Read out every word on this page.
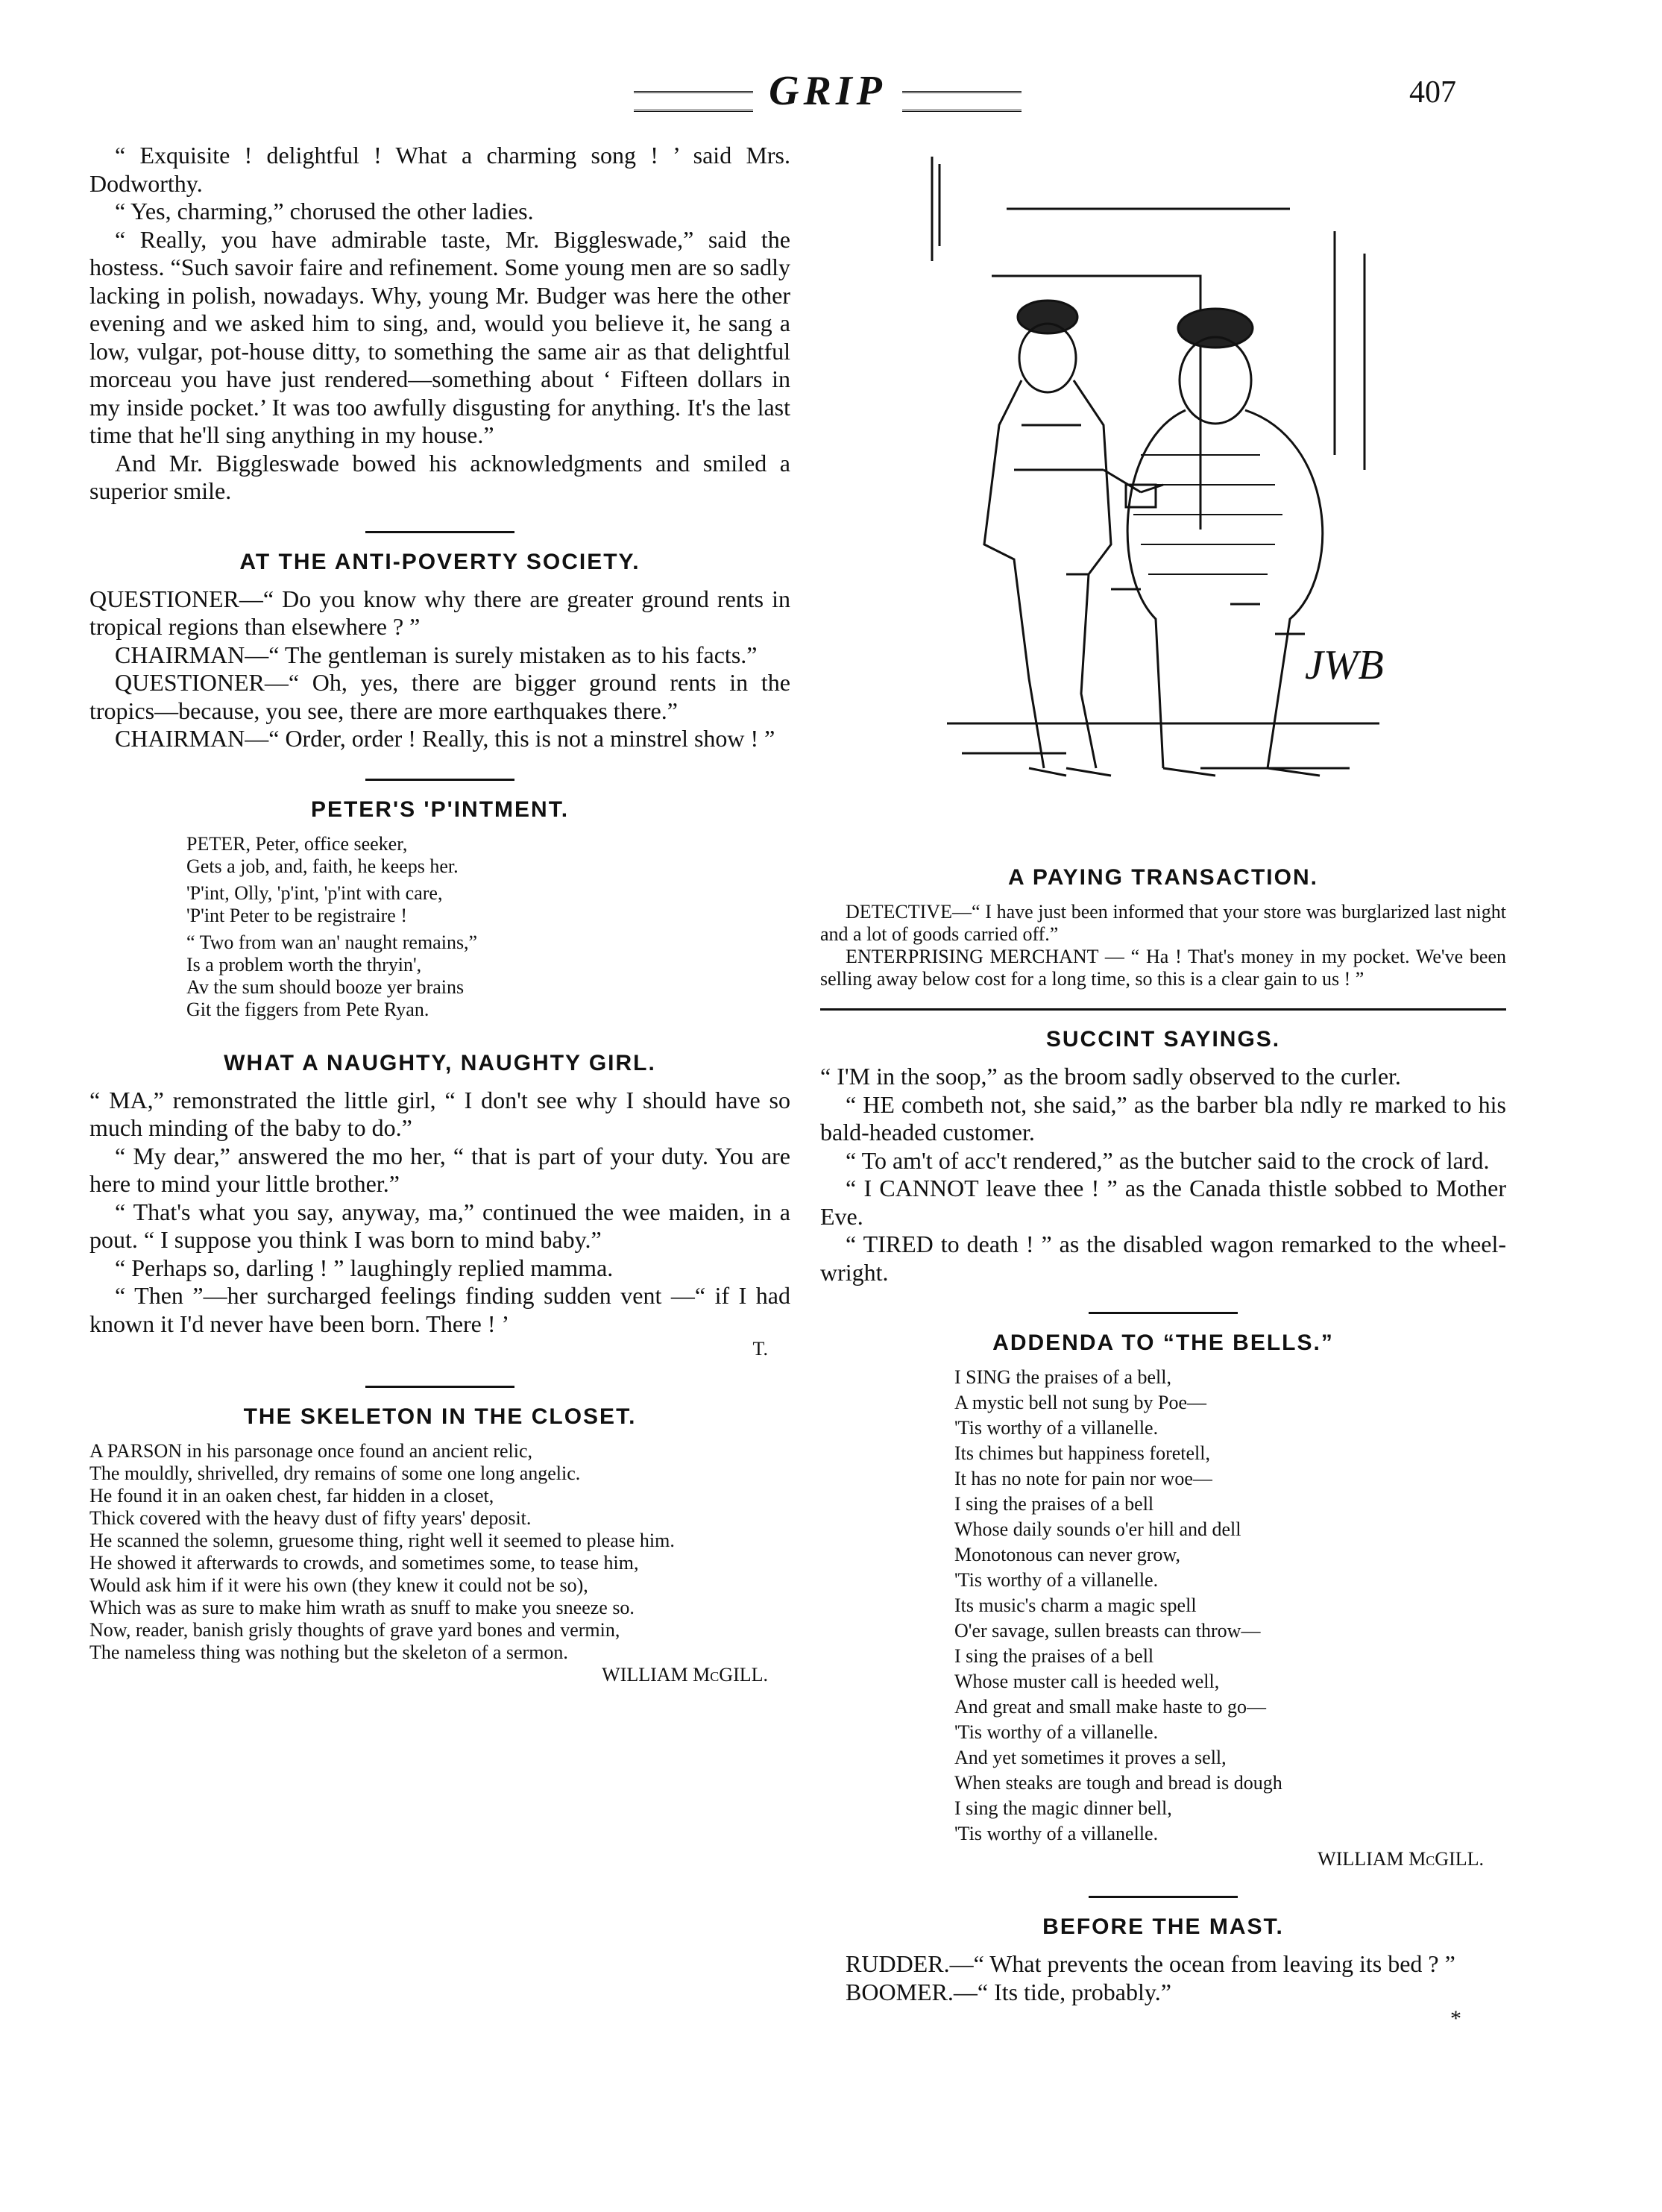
GRIP	407

“ Exquisite ! delightful ! What a charming song ! ’ said Mrs. Dodworthy.

“ Yes, charming,” chorused the other ladies.

“ Really, you have admirable taste, Mr. Biggleswade,” said the hostess. “Such savoir faire and refinement. Some young men are so sadly lacking in polish, nowadays. Why, young Mr. Budger was here the other evening and we asked him to sing, and, would you believe it, he sang a low, vulgar, pot-house ditty, to something the same air as that delightful morceau you have just rendered—something about ‘ Fifteen dollars in my inside pocket.’ It was too awfully disgusting for anything. It's the last time that he'll sing anything in my house.”

And Mr. Biggleswade bowed his acknowledgments and smiled a superior smile.

AT THE ANTI-POVERTY SOCIETY.

QUESTIONER—“ Do you know why there are greater ground rents in tropical regions than elsewhere ? ”

CHAIRMAN—“ The gentleman is surely mistaken as to his facts.”

QUESTIONER—“ Oh, yes, there are bigger ground rents in the tropics—because, you see, there are more earthquakes there.”

CHAIRMAN—“ Order, order ! Really, this is not a minstrel show ! ”

PETER'S 'P'INTMENT.
PETER, Peter, office seeker,
Gets a job, and, faith, he keeps her.
'P'int, Olly, 'p'int, 'p'int with care,
'P'int Peter to be registraire !
“ Two from wan an' naught remains,”
Is a problem worth the thryin',
Av the sum should booze yer brains
Git the figgers from Pete Ryan.
WHAT A NAUGHTY, NAUGHTY GIRL.

“ MA,” remonstrated the little girl, “ I don't see why I should have so much minding of the baby to do.”

“ My dear,” answered the mo her, “ that is part of your duty. You are here to mind your little brother.”

“ That's what you say, anyway, ma,” continued the wee maiden, in a pout. “ I suppose you think I was born to mind baby.”

“ Perhaps so, darling ! ” laughingly replied mamma.

“ Then ”—her surcharged feelings finding sudden vent —“ if I had known it I'd never have been born. There ! ’

T.
THE SKELETON IN THE CLOSET.

A PARSON in his parsonage once found an ancient relic,

The mouldly, shrivelled, dry remains of some one long angelic.

He found it in an oaken chest, far hidden in a closet,

Thick covered with the heavy dust of fifty years' deposit.

He scanned the solemn, gruesome thing, right well it seemed to please him.

He showed it afterwards to crowds, and sometimes some, to tease him,

Would ask him if it were his own (they knew it could not be so),

Which was as sure to make him wrath as snuff to make you sneeze so.

Now, reader, banish grisly thoughts of grave yard bones and vermin,

The nameless thing was nothing but the skeleton of a sermon.

WILLIAM McGILL.
JWB
A PAYING TRANSACTION.

DETECTIVE—“ I have just been informed that your store was burglarized last night and a lot of goods carried off.”

ENTERPRISING MERCHANT — “ Ha ! That's money in my pocket. We've been selling away below cost for a long time, so this is a clear gain to us ! ”

SUCCINT SAYINGS.

“ I'M in the soop,” as the broom sadly observed to the curler.

“ HE combeth not, she said,” as the barber bla ndly re marked to his bald-headed customer.

“ To am't of acc't rendered,” as the butcher said to the crock of lard.

“ I CANNOT leave thee ! ” as the Canada thistle sobbed to Mother Eve.

“ TIRED to death ! ” as the disabled wagon remarked to the wheel-wright.

ADDENDA TO “THE BELLS.”
I SING the praises of a bell,
A mystic bell not sung by Poe—
'Tis worthy of a villanelle.
Its chimes but happiness foretell,
It has no note for pain nor woe—
I sing the praises of a bell
Whose daily sounds o'er hill and dell
Monotonous can never grow,
'Tis worthy of a villanelle.
Its music's charm a magic spell
O'er savage, sullen breasts can throw—
I sing the praises of a bell
Whose muster call is heeded well,
And great and small make haste to go—
'Tis worthy of a villanelle.
And yet sometimes it proves a sell,
When steaks are tough and bread is dough
I sing the magic dinner bell,
'Tis worthy of a villanelle.
WILLIAM McGILL.
BEFORE THE MAST.

RUDDER.—“ What prevents the ocean from leaving its bed ? ”

BOOMER.—“ Its tide, probably.”

*
